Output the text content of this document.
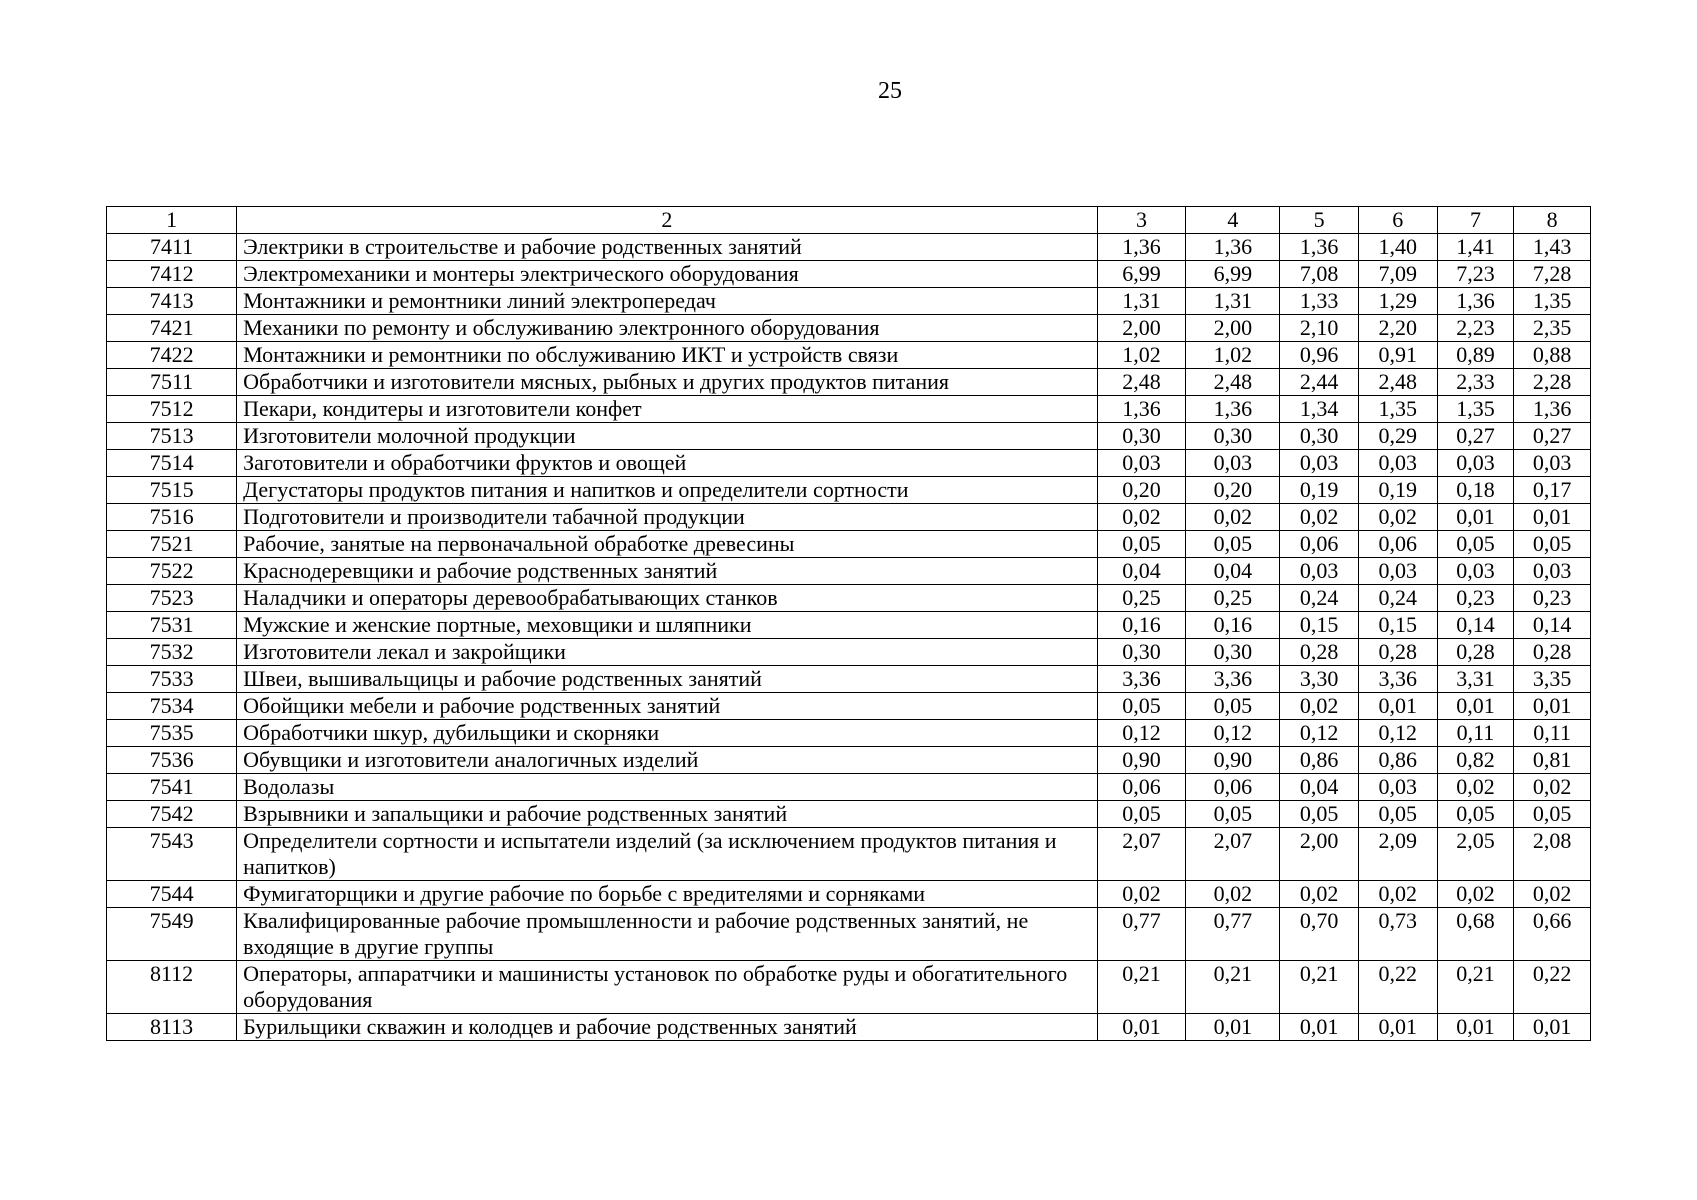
25
1	2	3	4	5	6	7	8
7411	Электрики в строительстве и рабочие родственных занятий	1,36	1,36	1,36	1,40	1,41	1,43
7412	Электромеханики и монтеры электрического оборудования	6,99	6,99	7,08	7,09	7,23	7,28
7413	Монтажники и ремонтники линий электропередач	1,31	1,31	1,33	1,29	1,36	1,35
7421	Механики по ремонту и обслуживанию электронного оборудования	2,00	2,00	2,10	2,20	2,23	2,35
7422	Монтажники и ремонтники по обслуживанию ИКТ и устройств связи	1,02	1,02	0,96	0,91	0,89	0,88
7511	Обработчики и изготовители мясных, рыбных и других продуктов питания	2,48	2,48	2,44	2,48	2,33	2,28
7512	Пекари, кондитеры и изготовители конфет	1,36	1,36	1,34	1,35	1,35	1,36
7513	Изготовители молочной продукции	0,30	0,30	0,30	0,29	0,27	0,27
7514	Заготовители и обработчики фруктов и овощей	0,03	0,03	0,03	0,03	0,03	0,03
7515	Дегустаторы продуктов питания и напитков и определители сортности	0,20	0,20	0,19	0,19	0,18	0,17
7516	Подготовители и производители табачной продукции	0,02	0,02	0,02	0,02	0,01	0,01
7521	Рабочие, занятые на первоначальной обработке древесины	0,05	0,05	0,06	0,06	0,05	0,05
7522	Краснодеревщики и рабочие родственных занятий	0,04	0,04	0,03	0,03	0,03	0,03
7523	Наладчики и операторы деревообрабатывающих станков	0,25	0,25	0,24	0,24	0,23	0,23
7531	Мужские и женские портные, меховщики и шляпники	0,16	0,16	0,15	0,15	0,14	0,14
7532	Изготовители лекал и закройщики	0,30	0,30	0,28	0,28	0,28	0,28
7533	Швеи, вышивальщицы и рабочие родственных занятий	3,36	3,36	3,30	3,36	3,31	3,35
7534	Обойщики мебели и рабочие родственных занятий	0,05	0,05	0,02	0,01	0,01	0,01
7535	Обработчики шкур, дубильщики и скорняки	0,12	0,12	0,12	0,12	0,11	0,11
7536	Обувщики и изготовители аналогичных изделий	0,90	0,90	0,86	0,86	0,82	0,81
7541	Водолазы	0,06	0,06	0,04	0,03	0,02	0,02
7542	Взрывники и запальщики и рабочие родственных занятий	0,05	0,05	0,05	0,05	0,05	0,05
7543	Определители сортности и испытатели изделий (за исключением продуктов питания и напитков)	2,07	2,07	2,00	2,09	2,05	2,08
7544	Фумигаторщики и другие рабочие по борьбе с вредителями и сорняками	0,02	0,02	0,02	0,02	0,02	0,02
7549	Квалифицированные рабочие промышленности и рабочие родственных занятий, не входящие в другие группы	0,77	0,77	0,70	0,73	0,68	0,66
8112	Операторы, аппаратчики и машинисты установок по обработке руды и обогатительного оборудования	0,21	0,21	0,21	0,22	0,21	0,22
8113	Бурильщики скважин и колодцев и рабочие родственных занятий	0,01	0,01	0,01	0,01	0,01	0,01
